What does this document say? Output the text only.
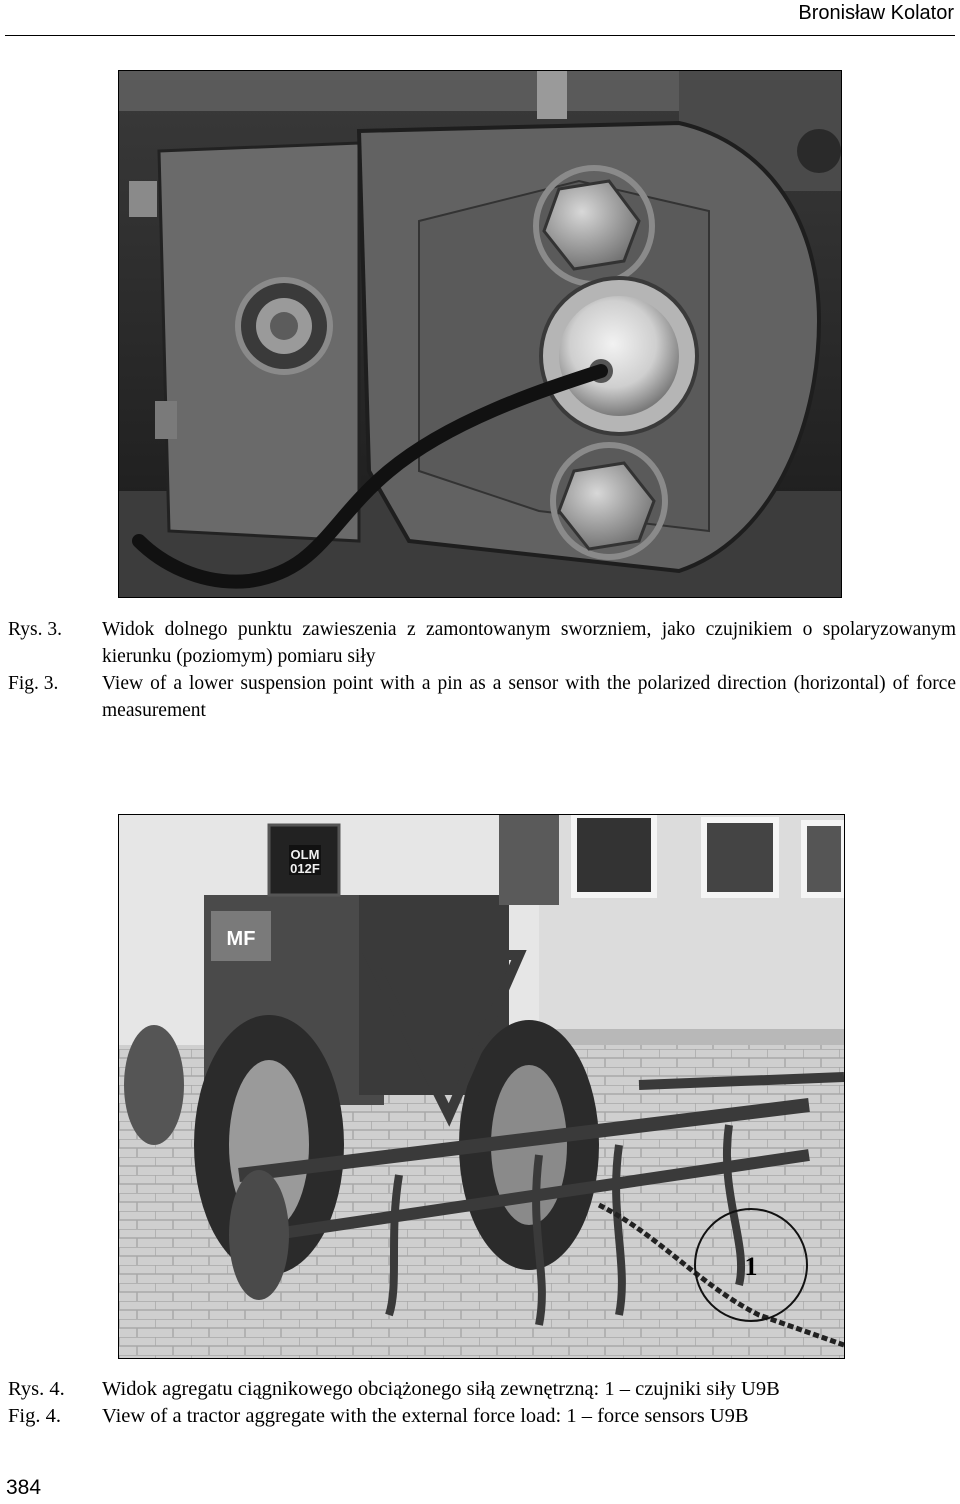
Bronisław Kolator
Rys. 3.	Widok dolnego punktu zawieszenia z zamontowanym sworzniem, jako czujnikiem o spolaryzowanym kierunku (poziomym) pomiaru siły
Fig. 3.	View of a lower suspension point with a pin as a sensor with the polarized direction (horizontal) of force measurement
OLM
012F
MF
1
Rys. 4.	Widok agregatu ciągnikowego obciążonego siłą zewnętrzną: 1 – czujniki siły U9B
Fig. 4.	View of a tractor aggregate with the external force load: 1 – force sensors U9B
384
